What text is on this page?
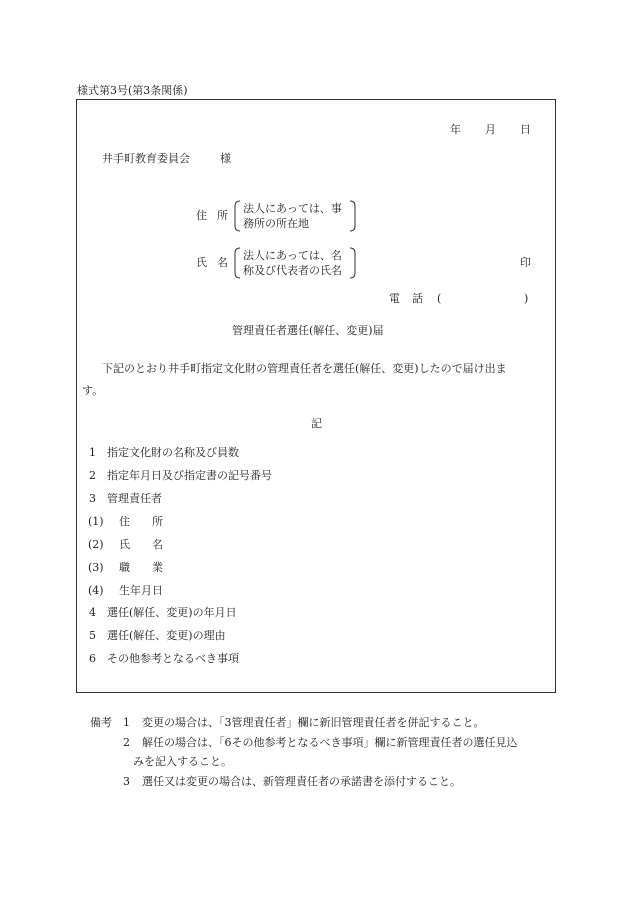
様式第3号(第3条関係)
年 月 日
井手町教育委員会	様
住 所
法人にあっては、事
務所の所在地
氏 名
法人にあっては、名
称及び代表者の氏名
印
電 話 (	)
管理責任者選任(解任、変更)届
下記のとおり井手町指定文化財の管理責任者を選任(解任、変更)したので届け出ま
す。
記
1 指定文化財の名称及び員数
2 指定年月日及び指定書の記号番号
3 管理責任者
(1) 住　　所
(2) 氏　　名
(3) 職　　業
(4) 生年月日
4 選任(解任、変更)の年月日
5 選任(解任、変更)の理由
6 その他参考となるべき事項
備考 1 変更の場合は、「3管理責任者」欄に新旧管理責任者を併記すること。
2 解任の場合は、「6その他参考となるべき事項」欄に新管理責任者の選任見込
みを記入すること。
3 選任又は変更の場合は、新管理責任者の承諾書を添付すること。
